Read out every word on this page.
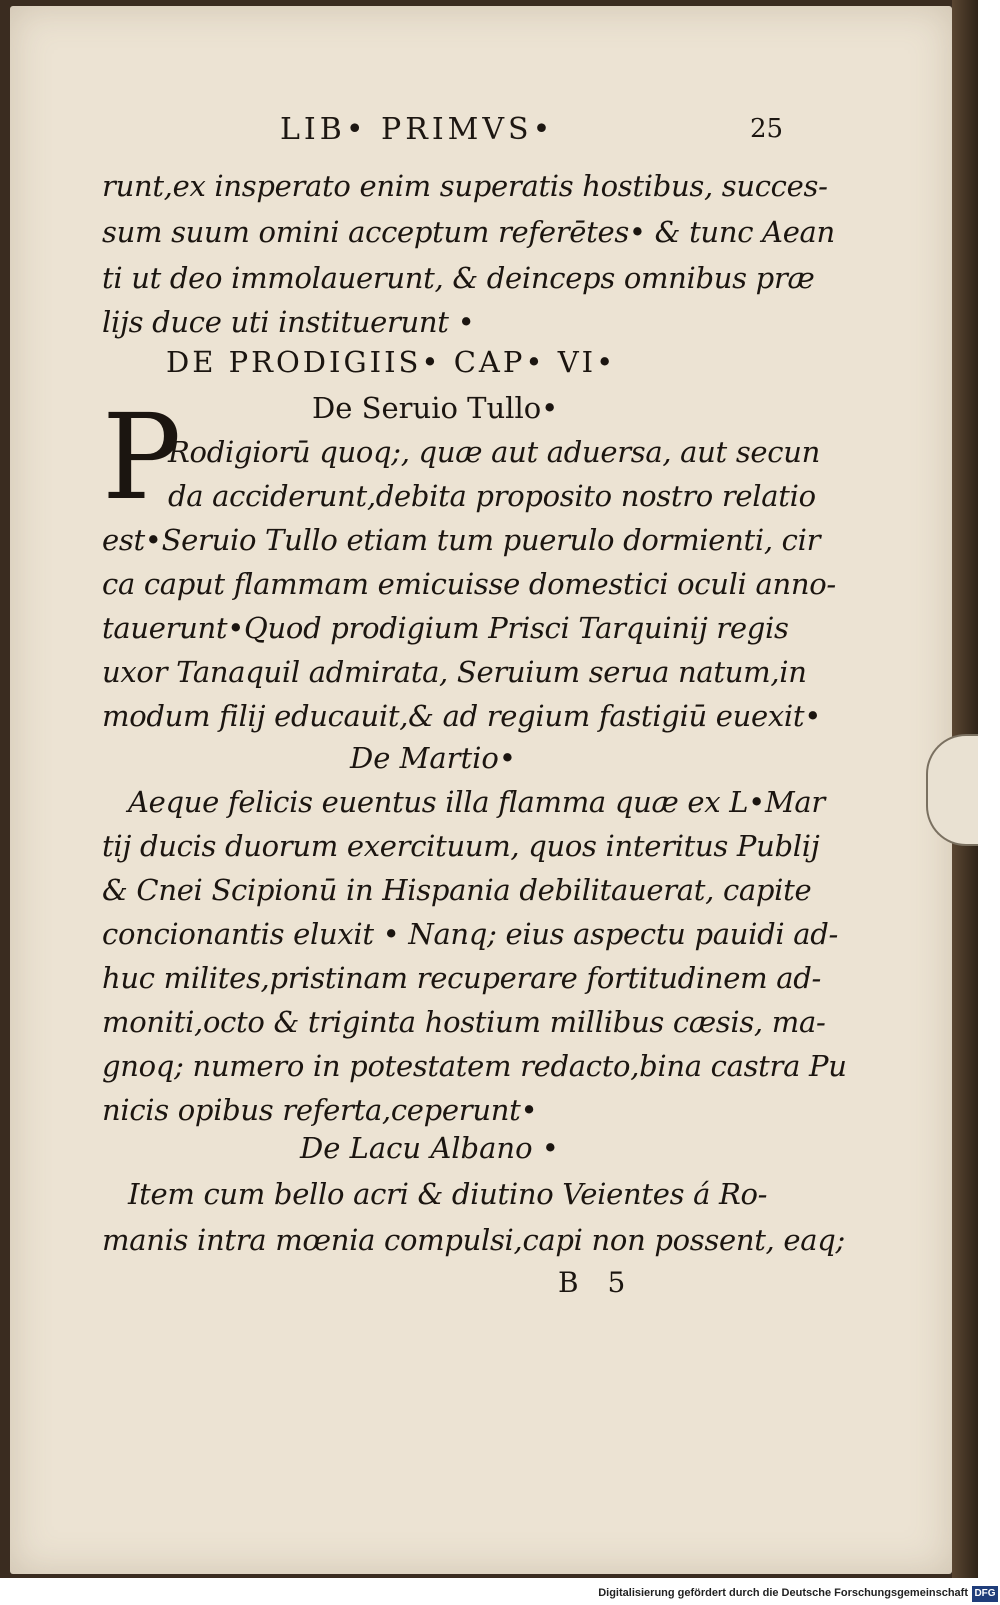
LIB• PRIMVS•	25
runt,ex insperato enim superatis hostibus, succes-
sum suum omini acceptum referētes• & tunc Aean
ti ut deo immolauerunt, & deinceps omnibus præ
lijs duce uti instituerunt •
DE PRODIGIIS• CAP• VI•
De Seruio Tullo•
P
Rodigiorū quoq;, quæ aut aduersa, aut secun
da acciderunt,debita proposito nostro relatio
est•Seruio Tullo etiam tum puerulo dormienti, cir
ca caput flammam emicuisse domestici oculi anno-
tauerunt•Quod prodigium Prisci Tarquinij regis
uxor Tanaquil admirata, Seruium serua natum,in
modum filij educauit,& ad regium fastigiū euexit•
De Martio•
Aeque felicis euentus illa flamma quæ ex L•Mar
tij ducis duorum exercituum, quos interitus Publij
& Cnei Scipionū in Hispania debilitauerat, capite
concionantis eluxit • Nanq; eius aspectu pauidi ad-
huc milites,pristinam recuperare fortitudinem ad-
moniti,octo & triginta hostium millibus cæsis, ma-
gnoq; numero in potestatem redacto,bina castra Pu
nicis opibus referta,ceperunt•
De Lacu Albano •
Item cum bello acri & diutino Veientes á Ro-
manis intra mœnia compulsi,capi non possent, eaq;
B 5
Digitalisierung gefördert durch die Deutsche Forschungsgemeinschaft DFG
